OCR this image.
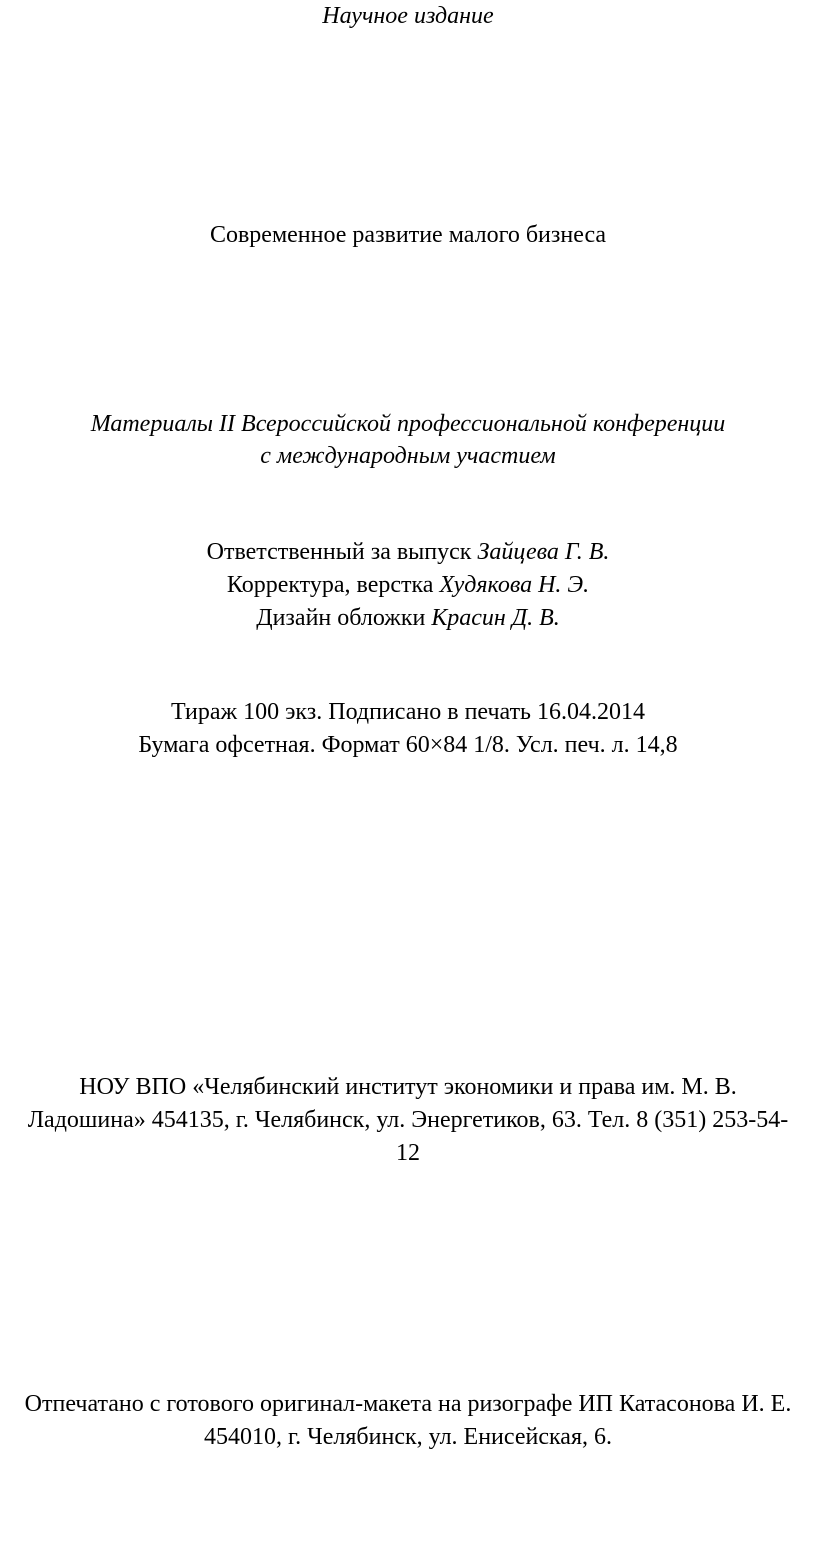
Научное издание
Современное развитие малого бизнеса
Материалы II Всероссийской профессиональной конференции
с международным участием
Ответственный за выпуск Зайцева Г. В.
Корректура, верстка Худякова Н. Э.
Дизайн обложки Красин Д. В.
Тираж 100 экз. Подписано в печать 16.04.2014
Бумага офсетная. Формат 60×84 1/8. Усл. печ. л. 14,8
НОУ ВПО «Челябинский институт экономики и права им. М. В.
Ладошина» 454135, г. Челябинск, ул. Энергетиков, 63. Тел. 8 (351) 253-54-
12
Отпечатано с готового оригинал-макета на ризографе ИП Катасонова И. Е.
454010, г. Челябинск, ул. Енисейская, 6.
